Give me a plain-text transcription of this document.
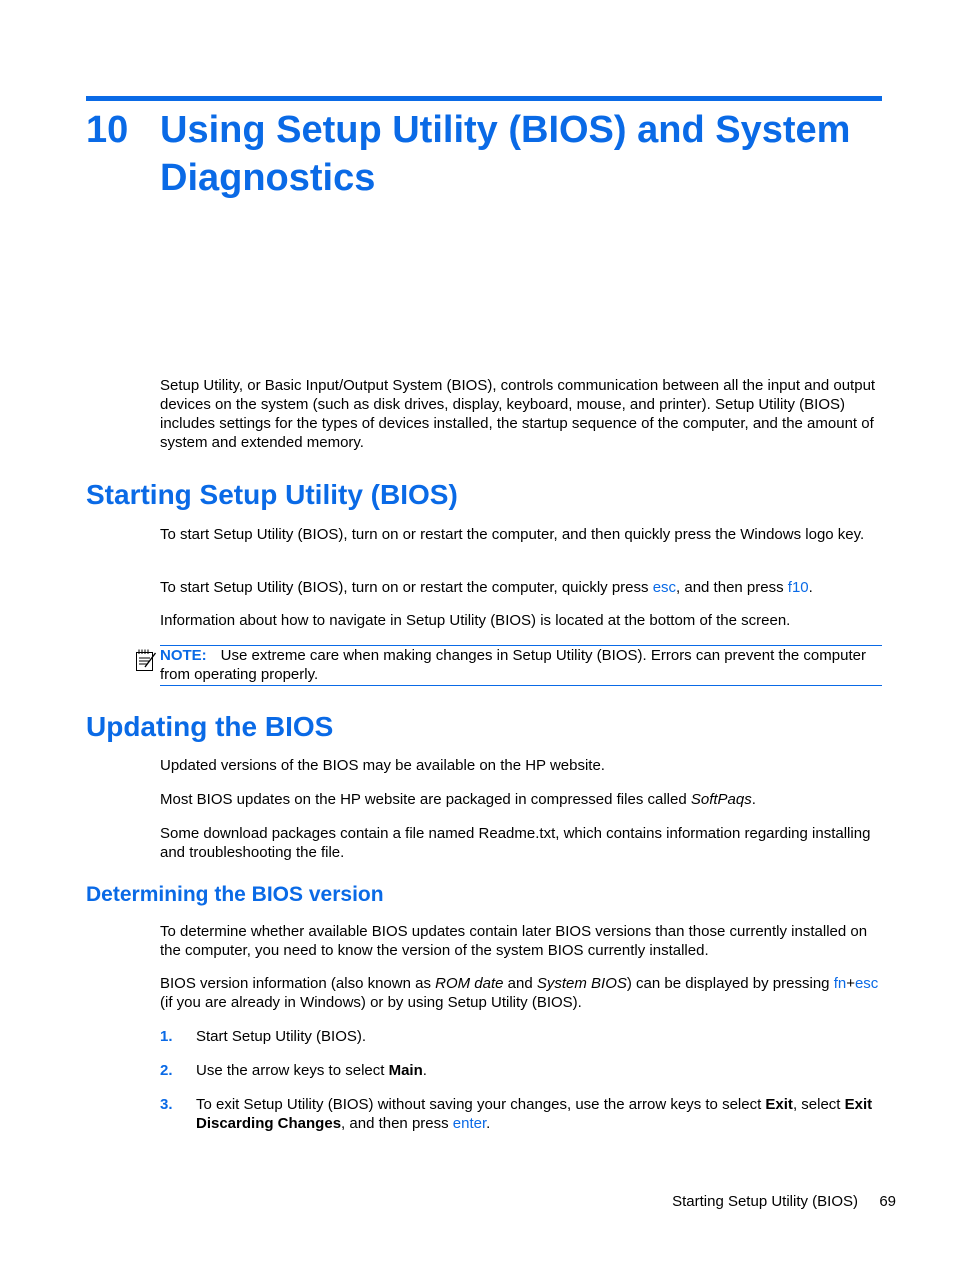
10 Using Setup Utility (BIOS) and System Diagnostics
Setup Utility, or Basic Input/Output System (BIOS), controls communication between all the input and output devices on the system (such as disk drives, display, keyboard, mouse, and printer). Setup Utility (BIOS) includes settings for the types of devices installed, the startup sequence of the computer, and the amount of system and extended memory.
Starting Setup Utility (BIOS)
To start Setup Utility (BIOS), turn on or restart the computer, and then quickly press the Windows logo key.
To start Setup Utility (BIOS), turn on or restart the computer, quickly press esc, and then press f10.
Information about how to navigate in Setup Utility (BIOS) is located at the bottom of the screen.
NOTE: Use extreme care when making changes in Setup Utility (BIOS). Errors can prevent the computer from operating properly.
Updating the BIOS
Updated versions of the BIOS may be available on the HP website.
Most BIOS updates on the HP website are packaged in compressed files called SoftPaqs.
Some download packages contain a file named Readme.txt, which contains information regarding installing and troubleshooting the file.
Determining the BIOS version
To determine whether available BIOS updates contain later BIOS versions than those currently installed on the computer, you need to know the version of the system BIOS currently installed.
BIOS version information (also known as ROM date and System BIOS) can be displayed by pressing fn+esc (if you are already in Windows) or by using Setup Utility (BIOS).
1. Start Setup Utility (BIOS).
2. Use the arrow keys to select Main.
3. To exit Setup Utility (BIOS) without saving your changes, use the arrow keys to select Exit, select Exit Discarding Changes, and then press enter.
Starting Setup Utility (BIOS) 69
